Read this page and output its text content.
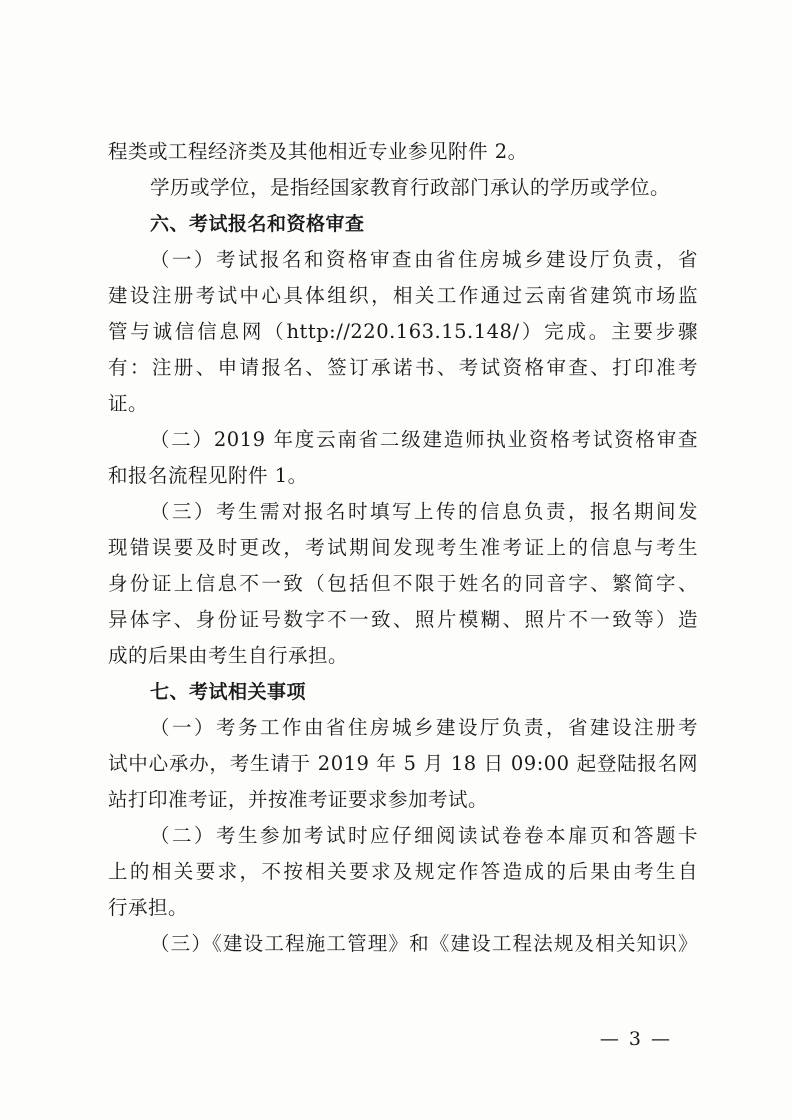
程类或工程经济类及其他相近专业参见附件 2。
学历或学位，是指经国家教育行政部门承认的学历或学位。
六、考试报名和资格审查
（一）考试报名和资格审查由省住房城乡建设厅负责，省
建设注册考试中心具体组织，相关工作通过云南省建筑市场监
管与诚信信息网（http://220.163.15.148/）完成。主要步骤
有：注册、申请报名、签订承诺书、考试资格审查、打印准考
证。
（二）2019 年度云南省二级建造师执业资格考试资格审查
和报名流程见附件 1。
（三）考生需对报名时填写上传的信息负责，报名期间发
现错误要及时更改，考试期间发现考生准考证上的信息与考生
身份证上信息不一致（包括但不限于姓名的同音字、繁简字、
异体字、身份证号数字不一致、照片模糊、照片不一致等）造
成的后果由考生自行承担。
七、考试相关事项
（一）考务工作由省住房城乡建设厅负责，省建设注册考
试中心承办，考生请于 2019 年 5 月 18 日 09:00 起登陆报名网
站打印准考证，并按准考证要求参加考试。
（二）考生参加考试时应仔细阅读试卷卷本扉页和答题卡
上的相关要求，不按相关要求及规定作答造成的后果由考生自
行承担。
（三）《建设工程施工管理》和《建设工程法规及相关知识》
— 3 —
